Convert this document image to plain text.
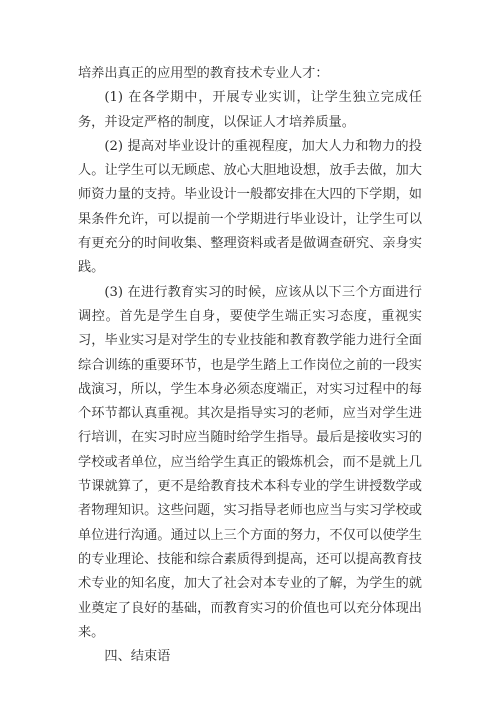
培养出真正的应用型的教育技术专业人才：

(1) 在各学期中，开展专业实训，让学生独立完成任务，并设定严格的制度，以保证人才培养质量。

(2) 提高对毕业设计的重视程度，加大人力和物力的投人。让学生可以无顾虑、放心大胆地设想，放手去做，加大师资力量的支持。毕业设计一般都安排在大四的下学期，如果条件允许，可以提前一个学期进行毕业设计，让学生可以有更充分的时间收集、整理资料或者是做调查研究、亲身实践。

(3) 在进行教育实习的时候，应该从以下三个方面进行调控。首先是学生自身，要使学生端正实习态度，重视实习，毕业实习是对学生的专业技能和教育教学能力进行全面综合训练的重要环节，也是学生踏上工作岗位之前的一段实战演习，所以，学生本身必须态度端正，对实习过程中的每个环节都认真重视。其次是指导实习的老师，应当对学生进行培训，在实习时应当随时给学生指导。最后是接收实习的学校或者单位，应当给学生真正的锻炼机会，而不是就上几节课就算了，更不是给教育技术本科专业的学生讲授数学或者物理知识。这些问题，实习指导老师也应当与实习学校或单位进行沟通。通过以上三个方面的努力，不仅可以使学生的专业理论、技能和综合素质得到提高，还可以提高教育技术专业的知名度，加大了社会对本专业的了解，为学生的就业奠定了良好的基础，而教育实习的价值也可以充分体现出来。

四、结束语
